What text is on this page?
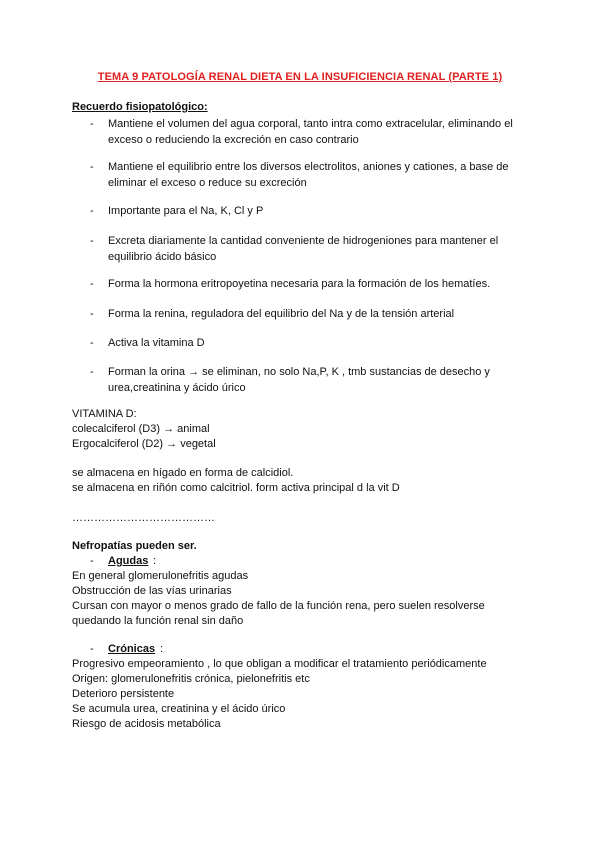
TEMA 9 PATOLOGÍA RENAL DIETA EN LA INSUFICIENCIA RENAL (PARTE 1)
Recuerdo fisiopatológico:
- Mantiene el volumen del agua corporal, tanto intra como extracelular, eliminando el exceso o reduciendo la excreción en caso contrario
- Mantiene el equilibrio entre los diversos electrolitos, aniones y cationes, a base de eliminar el exceso o reduce su excreción
- Importante para el Na, K, Cl y P
- Excreta diariamente la cantidad conveniente de hidrogeniones para mantener el equilibrio ácido básico
- Forma la hormona eritropoyetina necesaria para la formación de los hematíes.
- Forma la renina, reguladora del equilibrio del Na y de la tensión arterial
- Activa la vitamina D
- Forman la orina → se eliminan, no solo Na,P, K , tmb sustancias de desecho y urea,creatinina y ácido úrico
VITAMINA D:
colecalciferol (D3) → animal
Ergocalciferol (D2) → vegetal
se almacena en hígado en forma de calcidiol.
se almacena en riñón como calcitriol. form activa principal d la vit D
…………………………………
Nefropatías pueden ser.
- Agudas :
En general glomerulonefritis agudas
Obstrucción de las vías urinarias
Cursan con mayor o menos grado de fallo de la función rena, pero suelen resolverse quedando la función renal sin daño
- Crónicas :
Progresivo empeoramiento , lo que obligan a modificar el tratamiento periódicamente
Origen: glomerulonefritis crónica, pielonefritis etc
Deterioro persistente
Se acumula urea, creatinina y el ácido úrico
Riesgo de acidosis metabólica
